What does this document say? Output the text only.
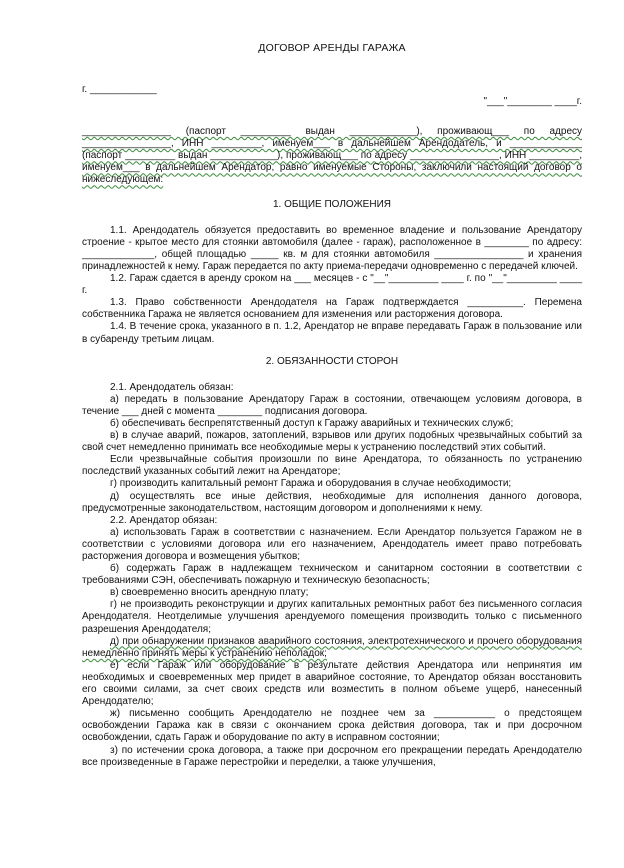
ДОГОВОР АРЕНДЫ ГАРАЖА

г. ____________

"___"________ ____г.

________________ (паспорт _________ выдан ____________), проживающ___ по адресу ________________, ИНН _________, именуем___ в дальнейшем Арендодатель, и _____________ (паспорт _________ выдан ____________), проживающ___ по адресу ________________, ИНН _________, именуем___ в дальнейшем Арендатор, равно именуемые Стороны, заключили настоящий договор о нижеследующем:

1. ОБЩИЕ ПОЛОЖЕНИЯ

1.1. Арендодатель обязуется предоставить во временное владение и пользование Арендатору строение - крытое место для стоянки автомобиля (далее - гараж), расположенное в ________ по адресу: _____________, общей площадью _____ кв. м для стоянки автомобиля ________________ и хранения принадлежностей к нему. Гараж передается по акту приема-передачи одновременно с передачей ключей.

1.2. Гараж сдается в аренду сроком на ___ месяцев - с "__"_________ ____ г. по "__"_________ ____ г.

1.3. Право собственности Арендодателя на Гараж подтверждается __________. Перемена собственника Гаража не является основанием для изменения или расторжения договора.

1.4. В течение срока, указанного в п. 1.2, Арендатор не вправе передавать Гараж в пользование или в субаренду третьим лицам.

2. ОБЯЗАННОСТИ СТОРОН

2.1. Арендодатель обязан:

а) передать в пользование Арендатору Гараж в состоянии, отвечающем условиям договора, в течение ___ дней с момента ________ подписания договора.

б) обеспечивать беспрепятственный доступ к Гаражу аварийных и технических служб;

в) в случае аварий, пожаров, затоплений, взрывов или других подобных чрезвычайных событий за свой счет немедленно принимать все необходимые меры к устранению последствий этих событий.

Если чрезвычайные события произошли по вине Арендатора, то обязанность по устранению последствий указанных событий лежит на Арендаторе;

г) производить капитальный ремонт Гаража и оборудования в случае необходимости;

д) осуществлять все иные действия, необходимые для исполнения данного договора, предусмотренные законодательством, настоящим договором и дополнениями к нему.

2.2. Арендатор обязан:

а) использовать Гараж в соответствии с назначением. Если Арендатор пользуется Гаражом не в соответствии с условиями договора или его назначением, Арендодатель имеет право потребовать расторжения договора и возмещения убытков;

б) содержать Гараж в надлежащем техническом и санитарном состоянии в соответствии с требованиями СЭН, обеспечивать пожарную и техническую безопасность;

в) своевременно вносить арендную плату;

г) не производить реконструкции и других капитальных ремонтных работ без письменного согласия Арендодателя. Неотделимые улучшения арендуемого помещения производить только с письменного разрешения Арендодателя;

д) при обнаружении признаков аварийного состояния, электротехнического и прочего оборудования немедленно принять меры к устранению неполадок;

е) если Гараж или оборудование в результате действия Арендатора или непринятия им необходимых и своевременных мер придет в аварийное состояние, то Арендатор обязан восстановить его своими силами, за счет своих средств или возместить в полном объеме ущерб, нанесенный Арендодателю;

ж) письменно сообщить Арендодателю не позднее чем за ___________ о предстоящем освобождении Гаража как в связи с окончанием срока действия договора, так и при досрочном освобождении, сдать Гараж и оборудование по акту в исправном состоянии;

з) по истечении срока договора, а также при досрочном его прекращении передать Арендодателю все произведенные в Гараже перестройки и переделки, а также улучшения,
